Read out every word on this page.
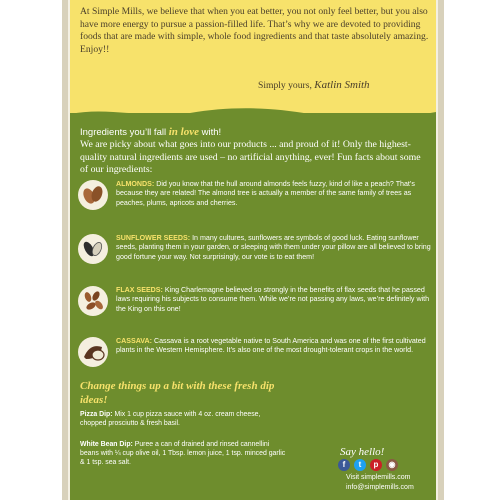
At Simple Mills, we believe that when you eat better, you not only feel better, but you also have more energy to pursue a passion-filled life. That’s why we are devoted to providing foods that are made with simple, whole food ingredients and that taste absolutely amazing. Enjoy!!

Simply yours, Katlin Smith
Ingredients you’ll fall in love with!

We are picky about what goes into our products ... and proud of it! Only the highest-quality natural ingredients are used – no artificial anything, ever! Fun facts about some of our ingredients:

ALMONDS: Did you know that the hull around almonds feels fuzzy, kind of like a peach? That’s because they are related! The almond tree is actually a member of the same family of trees as peaches, plums, apricots and cherries.

SUNFLOWER SEEDS: In many cultures, sunflowers are symbols of good luck. Eating sunflower seeds, planting them in your garden, or sleeping with them under your pillow are all believed to bring good fortune your way. Not surprisingly, our vote is to eat them!

FLAX SEEDS: King Charlemagne believed so strongly in the benefits of flax seeds that he passed laws requiring his subjects to consume them. While we’re not passing any laws, we’re definitely with the King on this one!

CASSAVA: Cassava is a root vegetable native to South America and was one of the first cultivated plants in the Western Hemisphere. It’s also one of the most drought-tolerant crops in the world.

Change things up a bit with these fresh dip ideas!

Pizza Dip: Mix 1 cup pizza sauce with 4 oz. cream cheese, chopped prosciutto & fresh basil.

White Bean Dip: Puree a can of drained and rinsed cannellini beans with ¼ cup olive oil, 1 Tbsp. lemon juice, 1 tsp. minced garlic & 1 tsp. sea salt.

Say hello!
f	t	p	◉
Visit simplemills.com
info@simplemills.com
